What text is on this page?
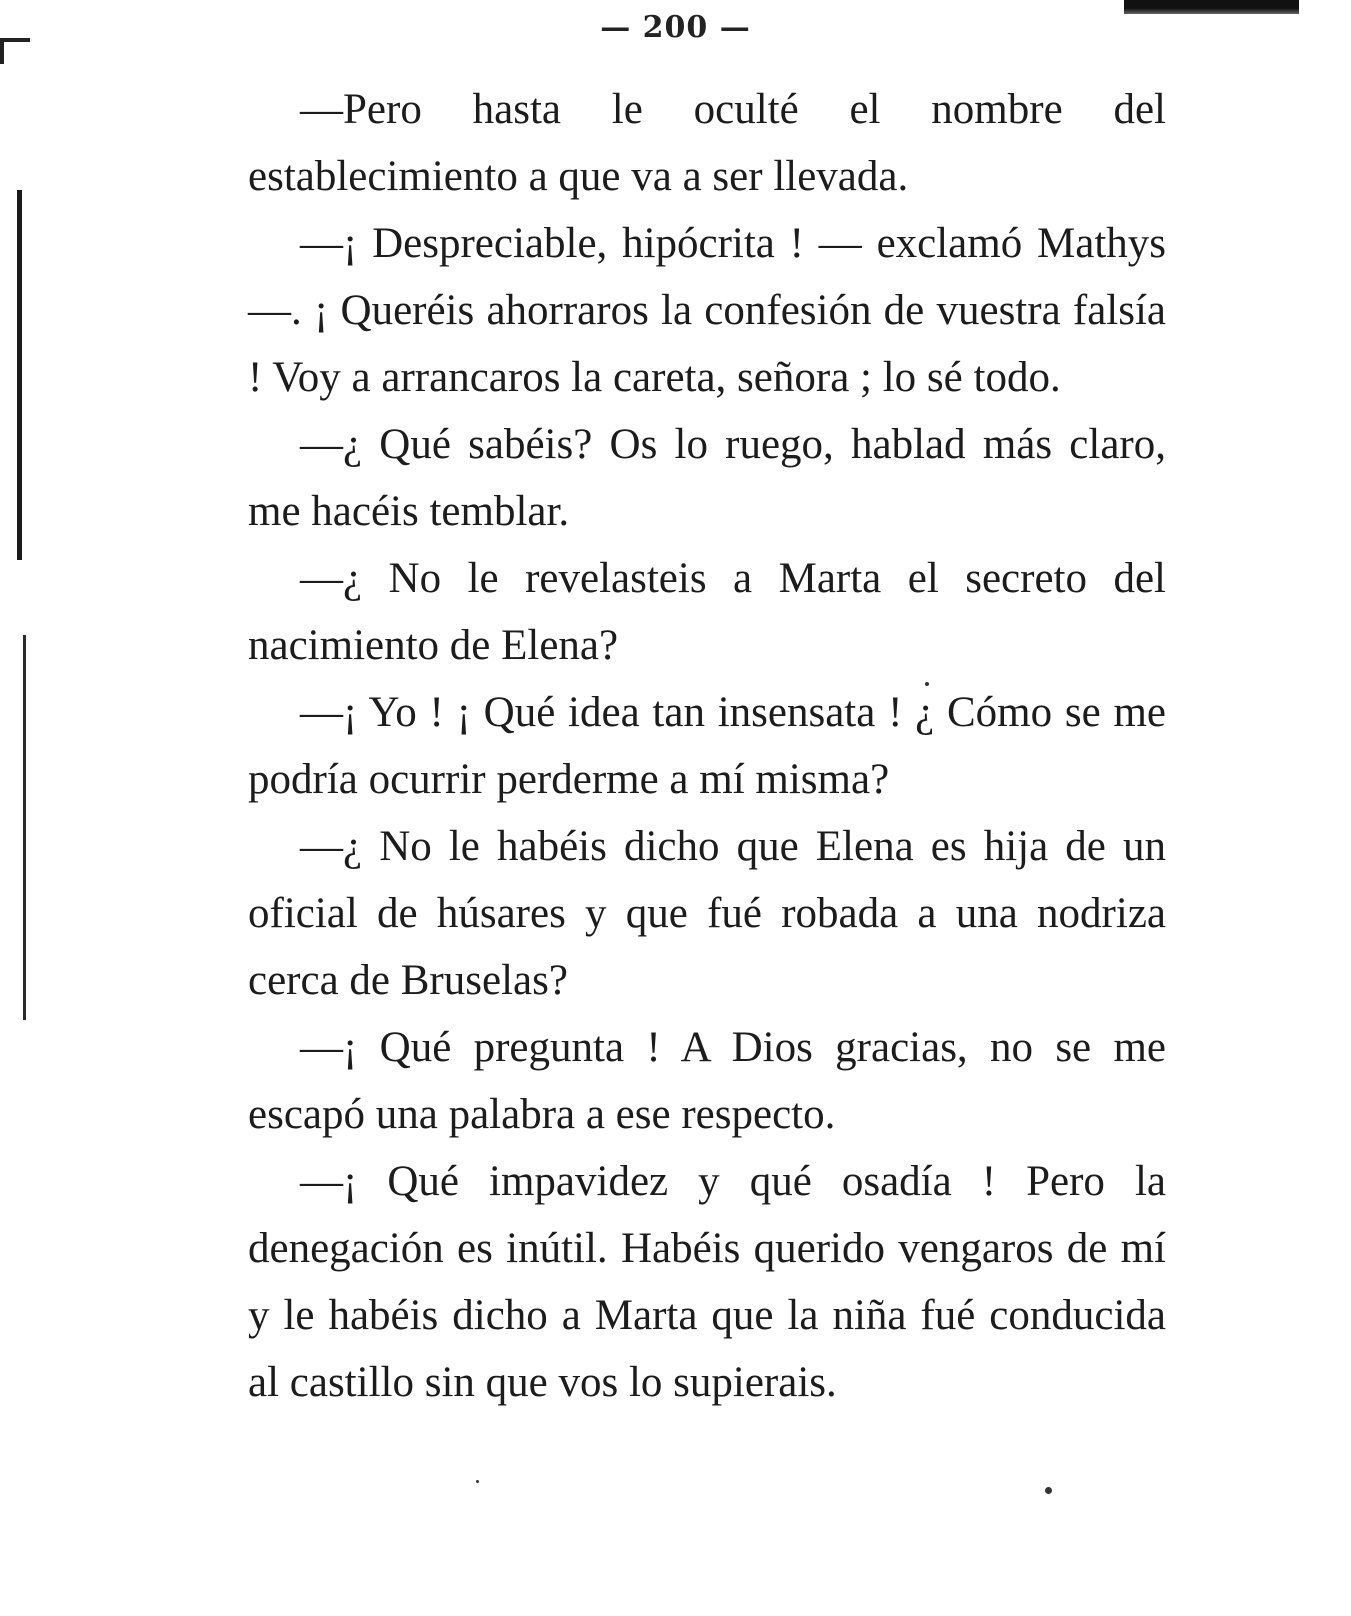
— 200 —

—Pero hasta le oculté el nombre del establecimiento a que va a ser llevada.

—¡ Despreciable, hipócrita ! — exclamó Mathys—. ¡ Queréis ahorraros la confesión de vuestra falsía ! Voy a arrancaros la careta, señora ; lo sé todo.

—¿ Qué sabéis? Os lo ruego, hablad más claro, me hacéis temblar.

—¿ No le revelasteis a Marta el secreto del nacimiento de Elena?

—¡ Yo ! ¡ Qué idea tan insensata ! ¿ Cómo se me podría ocurrir perderme a mí misma?

—¿ No le habéis dicho que Elena es hija de un oficial de húsares y que fué robada a una nodriza cerca de Bruselas?

—¡ Qué pregunta ! A Dios gracias, no se me escapó una palabra a ese respecto.

—¡ Qué impavidez y qué osadía ! Pero la denegación es inútil. Habéis querido vengaros de mí y le habéis dicho a Marta que la niña fué conducida al castillo sin que vos lo supierais.
